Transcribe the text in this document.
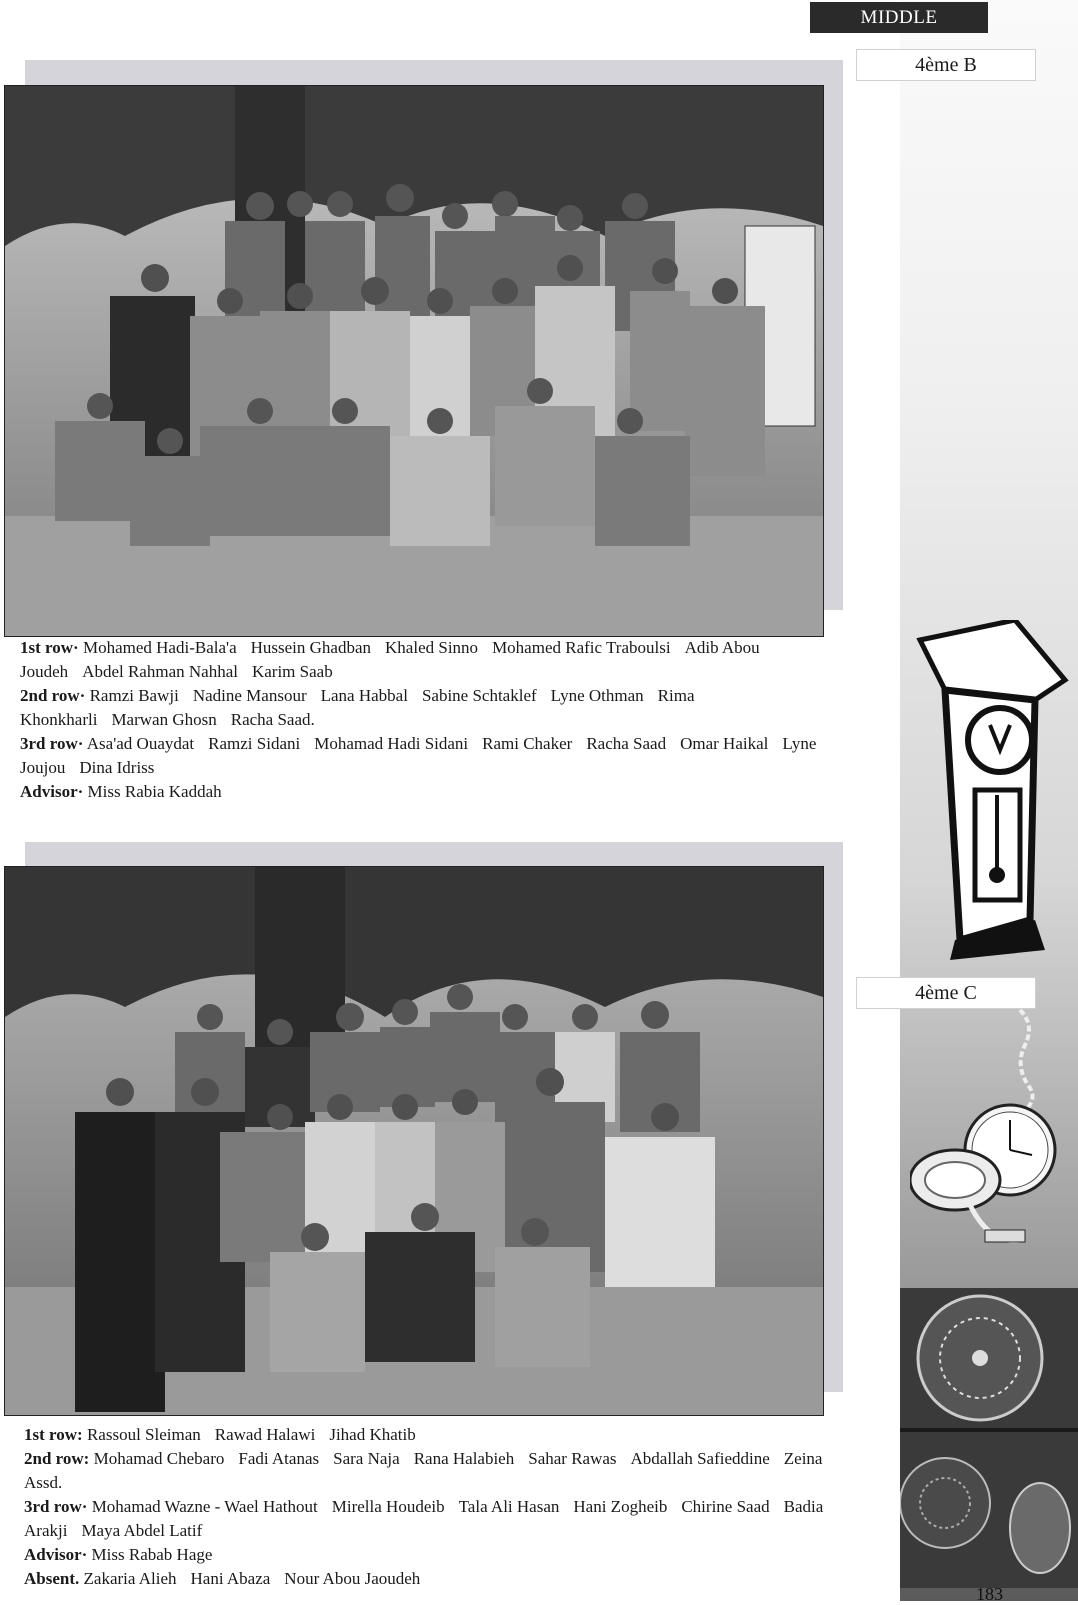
MIDDLE
4ème B
4ème C
1st row· Mohamed Hadi-Bala'a Hussein Ghadban Khaled Sinno Mohamed Rafic Traboulsi Adib Abou Joudeh Abdel Rahman Nahhal Karim Saab
2nd row· Ramzi Bawji Nadine Mansour Lana Habbal Sabine Schtaklef Lyne Othman Rima Khonkharli Marwan Ghosn Racha Saad.
3rd row· Asa'ad Ouaydat Ramzi Sidani Mohamad Hadi Sidani Rami Chaker Racha Saad Omar Haikal Lyne Joujou Dina Idriss
Advisor· Miss Rabia Kaddah
1st row: Rassoul Sleiman Rawad Halawi Jihad Khatib
2nd row: Mohamad Chebaro Fadi Atanas Sara Naja Rana Halabieh Sahar Rawas Abdallah Safieddine Zeina Assd.
3rd row· Mohamad Wazne - Wael Hathout Mirella Houdeib Tala Ali Hasan Hani Zogheib Chirine Saad Badia Arakji Maya Abdel Latif
Advisor· Miss Rabab Hage
Absent. Zakaria Alieh Hani Abaza Nour Abou Jaoudeh
183
